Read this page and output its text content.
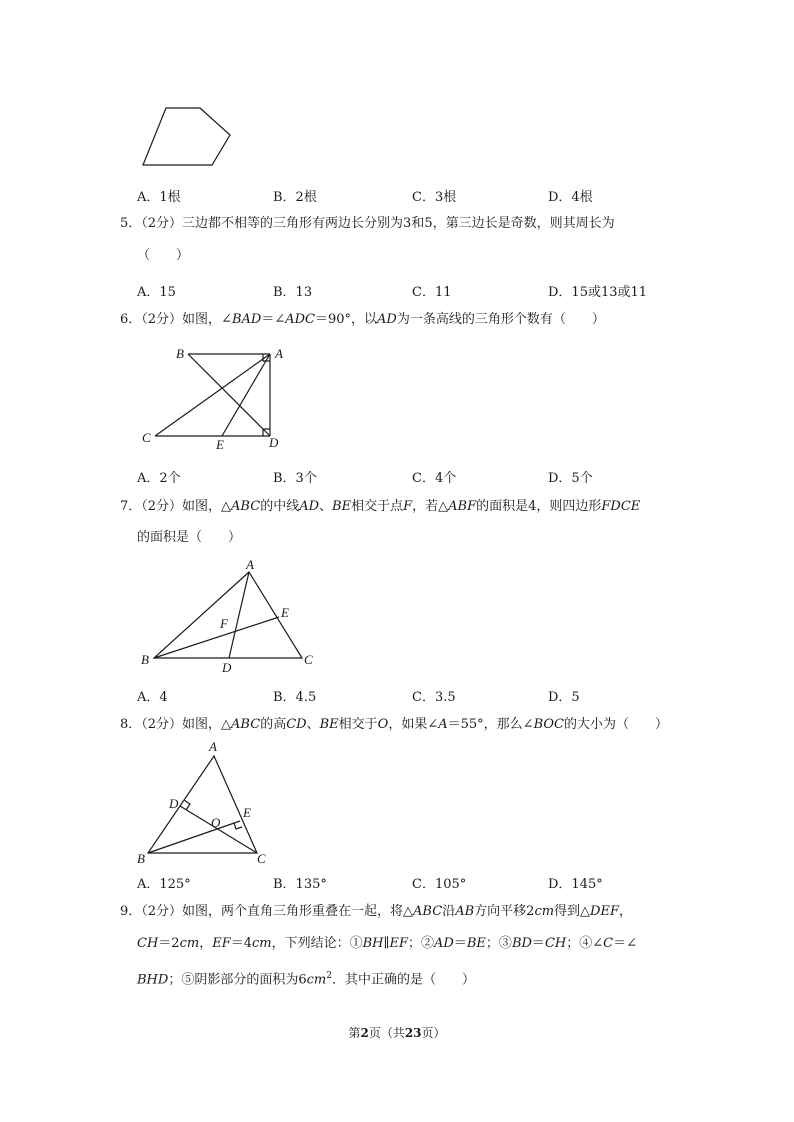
A．1根	B．2根	C．3根	D．4根
5．（2分）三边都不相等的三角形有两边长分别为3和5，第三边长是奇数，则其周长为
（　　）
A．15	B．13	C．11	D．15或13或11
6．（2分）如图，∠BAD＝∠ADC＝90°，以AD为一条高线的三角形个数有（　　）
B	A
C	E	D
A．2个	B．3个	C．4个	D．5个
7．（2分）如图，△ABC的中线AD、BE相交于点F，若△ABF的面积是4，则四边形FDCE
的面积是（　　）
A
E
F
B
D
C
A．4	B．4.5	C．3.5	D．5
8．（2分）如图，△ABC的高CD、BE相交于O，如果∠A＝55°，那么∠BOC的大小为（　　）
A
D
E
O
B	C
A．125°	B．135°	C．105°	D．145°
9．（2分）如图，两个直角三角形重叠在一起，将△ABC沿AB方向平移2cm得到△DEF，
CH＝2cm，EF＝4cm，下列结论：①BH∥EF；②AD＝BE；③BD＝CH；④∠C＝∠
BHD；⑤阴影部分的面积为$6cm^2$．其中正确的是（　　）
第2页（共23页）
